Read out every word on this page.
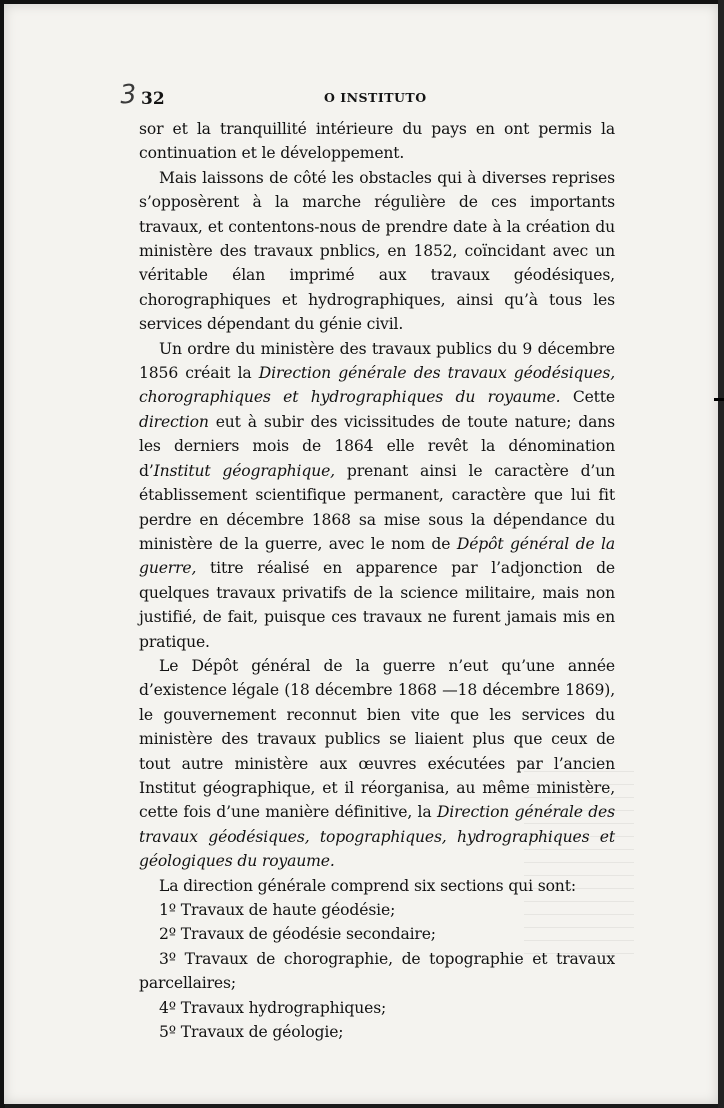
3 32	O INSTITUTO

sor et la tranquillité intérieure du pays en ont permis la continuation et le développement.

Mais laissons de côté les obstacles qui à diverses reprises s’opposèrent à la marche régulière de ces importants travaux, et contentons-nous de prendre date à la création du ministère des travaux pnblics, en 1852, coïncidant avec un véritable élan imprimé aux travaux géodésiques, chorographiques et hydrographiques, ainsi qu’à tous les services dépendant du génie civil.

Un ordre du ministère des travaux publics du 9 décembre 1856 créait la Direction générale des travaux géodésiques, chorographiques et hydrographiques du royaume. Cette direction eut à subir des vicissitudes de toute nature; dans les derniers mois de 1864 elle revêt la dénomination d’Institut géographique, prenant ainsi le caractère d’un établissement scientifique permanent, caractère que lui fit perdre en décembre 1868 sa mise sous la dépendance du ministère de la guerre, avec le nom de Dépôt général de la guerre, titre réalisé en apparence par l’adjonction de quelques travaux privatifs de la science militaire, mais non justifié, de fait, puisque ces travaux ne furent jamais mis en pratique.

Le Dépôt général de la guerre n’eut qu’une année d’existence légale (18 décembre 1868 —18 décembre 1869), le gouvernement reconnut bien vite que les services du ministère des travaux publics se liaient plus que ceux de tout autre ministère aux œuvres exécutées par l’ancien Institut géographique, et il réorganisa, au même ministère, cette fois d’une manière définitive, la Direction générale des travaux géodésiques, topographiques, hydrographiques et géologiques du royaume.

La direction générale comprend six sections qui sont:

1º Travaux de haute géodésie;

2º Travaux de géodésie secondaire;

3º Travaux de chorographie, de topographie et travaux parcellaires;

4º Travaux hydrographiques;

5º Travaux de géologie;
